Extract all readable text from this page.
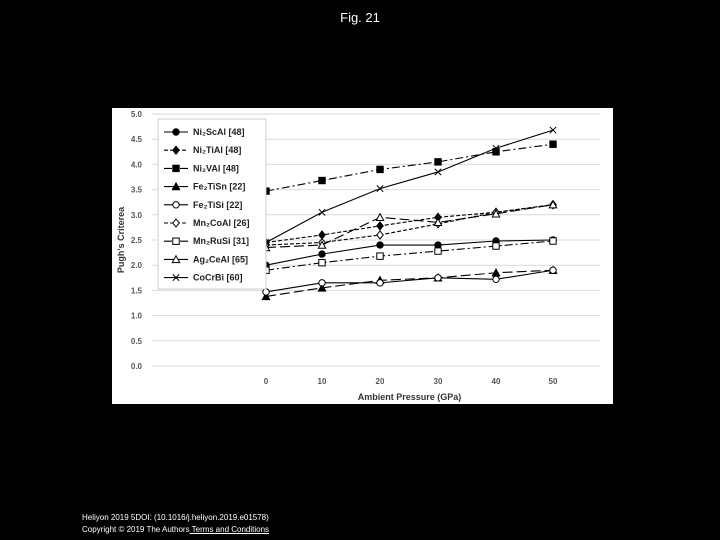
Fig. 21
0.0
0.5
1.0
1.5
2.0
2.5
3.0
3.5
4.0
4.5
5.0
0	10	20	30	40	50
Pugh's Criterea
Ambient Pressure (GPa)
Ni₂ScAl [48]
Ni₂TiAl [48]
Ni₂VAl [48]
Fe₂TiSn [22]
Fe₂TiSi [22]
Mn₂CoAl [26]
Mn₂RuSi [31]
Ag₂CeAl [65]
CoCrBi [60]
Heliyon 2019 5DOI: (10.1016/j.heliyon.2019.e01578)
Copyright © 2019 The Authors Terms and Conditions
